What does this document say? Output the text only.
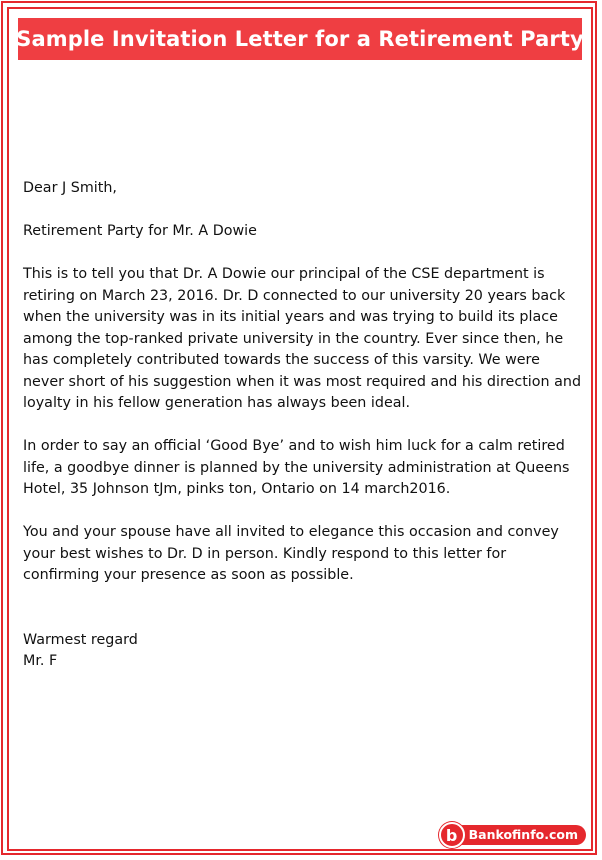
Sample Invitation Letter for a Retirement Party

Dear J Smith,

Retirement Party for Mr. A Dowie

This is to tell you that Dr. A Dowie our principal of the CSE department is retiring on March 23, 2016. Dr. D connected to our university 20 years back when the university was in its initial years and was trying to build its place among the top-ranked private university in the country. Ever since then, he has completely contributed towards the success of this varsity. We were never short of his suggestion when it was most required and his direction and loyalty in his fellow generation has always been ideal.

In order to say an official ‘Good Bye’ and to wish him luck for a calm retired life, a goodbye dinner is planned by the university administration at Queens Hotel, 35 Johnson tJm, pinks ton, Ontario on 14 march2016.

You and your spouse have all invited to elegance this occasion and convey your best wishes to Dr. D in person. Kindly respond to this letter for confirming your presence as soon as possible.

Warmest regard

Mr. F

b Bankofinfo.com
